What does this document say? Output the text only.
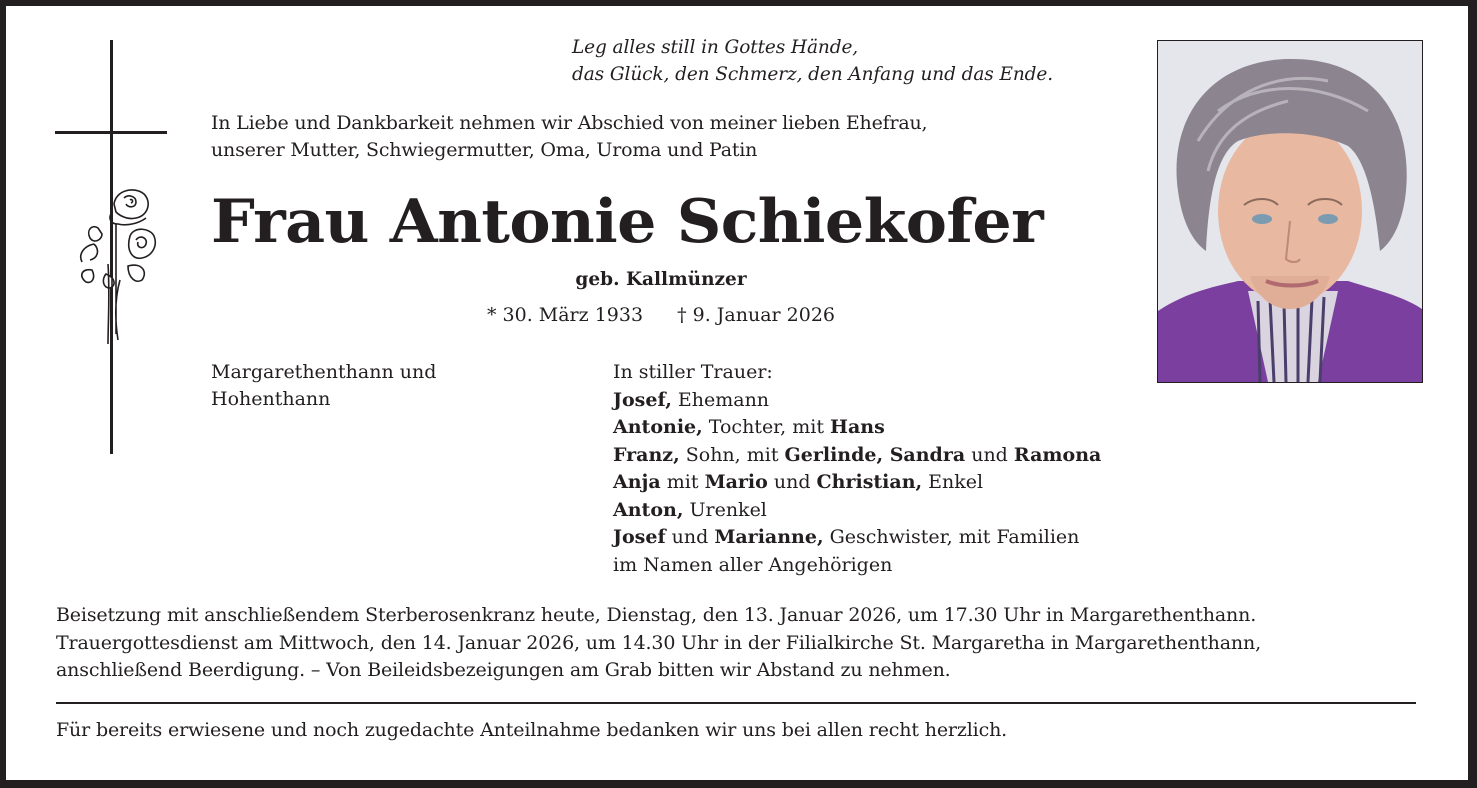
Leg alles still in Gottes Hände,
das Glück, den Schmerz, den Anfang und das Ende.
In Liebe und Dankbarkeit nehmen wir Abschied von meiner lieben Ehefrau,
unserer Mutter, Schwiegermutter, Oma, Uroma und Patin
Frau Antonie Schiekofer
geb. Kallmünzer
* 30. März 1933 † 9. Januar 2026
Margarethenthann und
Hohenthann
In stiller Trauer:
Josef, Ehemann
Antonie, Tochter, mit Hans
Franz, Sohn, mit Gerlinde, Sandra und Ramona
Anja mit Mario und Christian, Enkel
Anton, Urenkel
Josef und Marianne, Geschwister, mit Familien
im Namen aller Angehörigen
Beisetzung mit anschließendem Sterberosenkranz heute, Dienstag, den 13. Januar 2026, um 17.30 Uhr in Margarethenthann.
Trauergottesdienst am Mittwoch, den 14. Januar 2026, um 14.30 Uhr in der Filialkirche St. Margaretha in Margarethenthann,
anschließend Beerdigung. – Von Beileidsbezeigungen am Grab bitten wir Abstand zu nehmen.
Für bereits erwiesene und noch zugedachte Anteilnahme bedanken wir uns bei allen recht herzlich.
